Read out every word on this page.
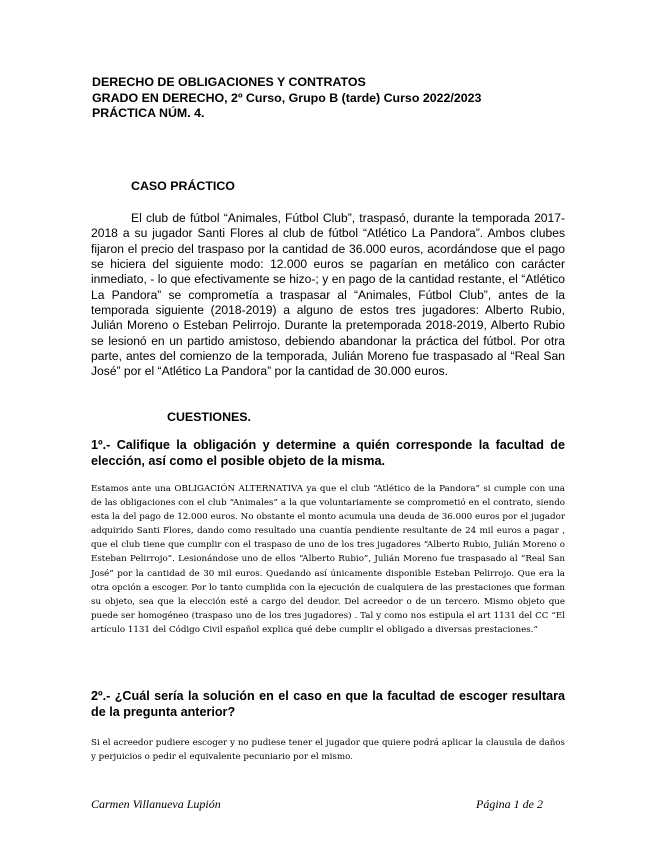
DERECHO DE OBLIGACIONES Y CONTRATOS
GRADO EN DERECHO, 2º Curso, Grupo B (tarde) Curso 2022/2023
PRÁCTICA NÚM. 4.
CASO PRÁCTICO

El club de fútbol “Animales, Fútbol Club”, traspasó, durante la temporada 2017-2018 a su jugador Santi Flores al club de fútbol “Atlético La Pandora”. Ambos clubes fijaron el precio del traspaso por la cantidad de 36.000 euros, acordándose que el pago se hiciera del siguiente modo: 12.000 euros se pagarían en metálico con carácter inmediato, - lo que efectivamente se hizo-; y en pago de la cantidad restante, el “Atlético La Pandora” se comprometía a traspasar al “Animales, Fútbol Club”, antes de la temporada siguiente (2018-2019) a alguno de estos tres jugadores: Alberto Rubio, Julián Moreno o Esteban Pelirrojo. Durante la pretemporada 2018-2019, Alberto Rubio se lesionó en un partido amistoso, debiendo abandonar la práctica del fútbol. Por otra parte, antes del comienzo de la temporada, Julián Moreno fue traspasado al “Real San José” por el “Atlético La Pandora” por la cantidad de 30.000 euros.

CUESTIONES.

1º.- Califique la obligación y determine a quién corresponde la facultad de elección, así como el posible objeto de la misma.

Estamos ante una OBLIGACIÓN ALTERNATIVA ya que el club “Atlético de la Pandora” si cumple con una de las obligaciones con el club “Animales” a la que voluntariamente se comprometió en el contrato, siendo esta la del pago de 12.000 euros. No obstante el monto acumula una deuda de 36.000 euros por el jugador adquirido Santi Flores, dando como resultado una cuantía pendiente resultante de 24 mil euros a pagar , que el club tiene que cumplir con el traspaso de uno de los tres jugadores “Alberto Rubio, Julián Moreno o Esteban Pelirrojo”. Lesionándose uno de ellos “Alberto Rubio”, Julián Moreno fue traspasado al “Real San José” por la cantidad de 30 mil euros. Quedando así únicamente disponible Esteban Pelirrojo. Que era la otra opción a escoger. Por lo tanto cumplida con la ejecución de cualquiera de las prestaciones que forman su objeto, sea que la elección esté a cargo del deudor. Del acreedor o de un tercero. Mismo objeto que puede ser homogéneo (traspaso uno de los tres jugadores) . Tal y como nos estipula el art 1131 del CC “El artículo 1131 del Código Civil español explica qué debe cumplir el obligado a diversas prestaciones.”

2º.- ¿Cuál sería la solución en el caso en que la facultad de escoger resultara de la pregunta anterior?

Si el acreedor pudiere escoger y no pudiese tener el jugador que quiere podrá aplicar la clausula de daños y perjuicios o pedir el equivalente pecuniario por el mismo.

Carmen Villanueva Lupión	Página 1 de 2
